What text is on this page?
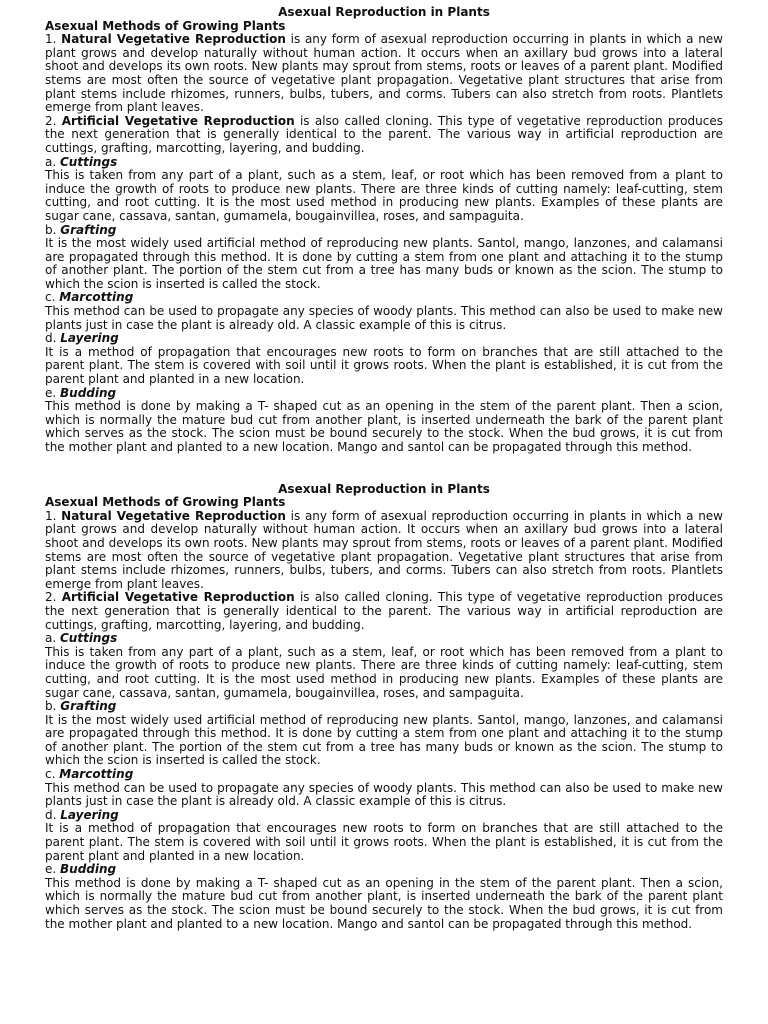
Asexual Reproduction in Plants
Asexual Methods of Growing Plants

1. Natural Vegetative Reproduction is any form of asexual reproduction occurring in plants in which a new plant grows and develop naturally without human action. It occurs when an axillary bud grows into a lateral shoot and develops its own roots. New plants may sprout from stems, roots or leaves of a parent plant. Modified stems are most often the source of vegetative plant propagation. Vegetative plant structures that arise from plant stems include rhizomes, runners, bulbs, tubers, and corms. Tubers can also stretch from roots. Plantlets emerge from plant leaves.

2. Artificial Vegetative Reproduction is also called cloning. This type of vegetative reproduction produces the next generation that is generally identical to the parent. The various way in artificial reproduction are cuttings, grafting, marcotting, layering, and budding.

a. Cuttings

This is taken from any part of a plant, such as a stem, leaf, or root which has been removed from a plant to induce the growth of roots to produce new plants. There are three kinds of cutting namely: leaf-cutting, stem cutting, and root cutting. It is the most used method in producing new plants. Examples of these plants are sugar cane, cassava, santan, gumamela, bougainvillea, roses, and sampaguita.

b. Grafting

It is the most widely used artificial method of reproducing new plants. Santol, mango, lanzones, and calamansi are propagated through this method. It is done by cutting a stem from one plant and attaching it to the stump of another plant. The portion of the stem cut from a tree has many buds or known as the scion. The stump to which the scion is inserted is called the stock.

c. Marcotting

This method can be used to propagate any species of woody plants. This method can also be used to make new plants just in case the plant is already old. A classic example of this is citrus.

d. Layering

It is a method of propagation that encourages new roots to form on branches that are still attached to the parent plant. The stem is covered with soil until it grows roots. When the plant is established, it is cut from the parent plant and planted in a new location.

e. Budding

This method is done by making a T- shaped cut as an opening in the stem of the parent plant. Then a scion, which is normally the mature bud cut from another plant, is inserted underneath the bark of the parent plant which serves as the stock. The scion must be bound securely to the stock. When the bud grows, it is cut from the mother plant and planted to a new location. Mango and santol can be propagated through this method.

Asexual Reproduction in Plants
Asexual Methods of Growing Plants

1. Natural Vegetative Reproduction is any form of asexual reproduction occurring in plants in which a new plant grows and develop naturally without human action. It occurs when an axillary bud grows into a lateral shoot and develops its own roots. New plants may sprout from stems, roots or leaves of a parent plant. Modified stems are most often the source of vegetative plant propagation. Vegetative plant structures that arise from plant stems include rhizomes, runners, bulbs, tubers, and corms. Tubers can also stretch from roots. Plantlets emerge from plant leaves.

2. Artificial Vegetative Reproduction is also called cloning. This type of vegetative reproduction produces the next generation that is generally identical to the parent. The various way in artificial reproduction are cuttings, grafting, marcotting, layering, and budding.

a. Cuttings

This is taken from any part of a plant, such as a stem, leaf, or root which has been removed from a plant to induce the growth of roots to produce new plants. There are three kinds of cutting namely: leaf-cutting, stem cutting, and root cutting. It is the most used method in producing new plants. Examples of these plants are sugar cane, cassava, santan, gumamela, bougainvillea, roses, and sampaguita.

b. Grafting

It is the most widely used artificial method of reproducing new plants. Santol, mango, lanzones, and calamansi are propagated through this method. It is done by cutting a stem from one plant and attaching it to the stump of another plant. The portion of the stem cut from a tree has many buds or known as the scion. The stump to which the scion is inserted is called the stock.

c. Marcotting

This method can be used to propagate any species of woody plants. This method can also be used to make new plants just in case the plant is already old. A classic example of this is citrus.

d. Layering

It is a method of propagation that encourages new roots to form on branches that are still attached to the parent plant. The stem is covered with soil until it grows roots. When the plant is established, it is cut from the parent plant and planted in a new location.

e. Budding

This method is done by making a T- shaped cut as an opening in the stem of the parent plant. Then a scion, which is normally the mature bud cut from another plant, is inserted underneath the bark of the parent plant which serves as the stock. The scion must be bound securely to the stock. When the bud grows, it is cut from the mother plant and planted to a new location. Mango and santol can be propagated through this method.
